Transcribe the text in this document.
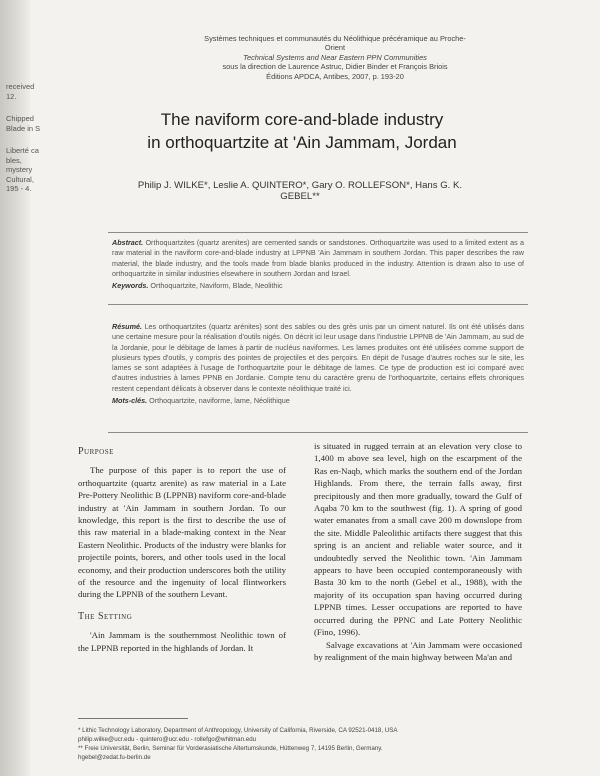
received 12.
Chipped Blade in S
Liberté ca bles, mystery Cultural, 195 - 4.
Systèmes techniques et communautés du Néolithique précéramique au Proche-Orient
Technical Systems and Near Eastern PPN Communities
sous la direction de Laurence Astruc, Didier Binder et François Briois
Éditions APDCA, Antibes, 2007, p. 193-20
The naviform core-and-blade industry
in orthoquartzite at 'Ain Jammam, Jordan
Philip J. WILKE*, Leslie A. QUINTERO*, Gary O. ROLLEFSON*, Hans G. K. GEBEL**
Abstract. Orthoquartzites (quartz arenites) are cemented sands or sandstones. Orthoquartzite was used to a limited extent as a raw material in the naviform core-and-blade industry at LPPNB 'Ain Jammam in southern Jordan. This paper describes the raw material, the blade industry, and the tools made from blade blanks produced in the industry. Attention is drawn also to use of orthoquartzite in similar industries elsewhere in southern Jordan and Israel.
Keywords. Orthoquartzite, Naviform, Blade, Neolithic
Résumé. Les orthoquartzites (quartz arénites) sont des sables ou des grès unis par un ciment naturel. Ils ont été utilisés dans une certaine mesure pour la réalisation d'outils nigés. On décrit ici leur usage dans l'industrie LPPNB de 'Ain Jammam, au sud de la Jordanie, pour le débitage de lames à partir de nucléus naviformes. Les lames produites ont été utilisées comme support de plusieurs types d'outils, y compris des pointes de projectiles et des perçoirs. En dépit de l'usage d'autres roches sur le site, les lames se sont adaptées à l'usage de l'orthoquartzite pour le débitage de lames. Ce type de production est ici comparé avec d'autres industries à lames PPNB en Jordanie. Compte tenu du caractère grenu de l'orthoquartzite, certains effets chroniques restent cependant délicats à observer dans le contexte néolithique traité ici.
Mots-clés. Orthoquartzite, naviforme, lame, Néolithique
Purpose

The purpose of this paper is to report the use of orthoquartzite (quartz arenite) as raw material in a Late Pre-Pottery Neolithic B (LPPNB) naviform core-and-blade industry at 'Ain Jammam in southern Jordan. To our knowledge, this report is the first to describe the use of this raw material in a blade-making context in the Near Eastern Neolithic. Products of the industry were blanks for projectile points, borers, and other tools used in the local economy, and their production underscores both the utility of the resource and the ingenuity of local flintworkers during the LPPNB of the southern Levant.

The Setting

'Ain Jammam is the southernmost Neolithic town of the LPPNB reported in the highlands of Jordan. It

is situated in rugged terrain at an elevation very close to 1,400 m above sea level, high on the escarpment of the Ras en-Naqb, which marks the southern end of the Jordan Highlands. From there, the terrain falls away, first precipitously and then more gradually, toward the Gulf of Aqaba 70 km to the southwest (fig. 1). A spring of good water emanates from a small cave 200 m downslope from the site. Middle Paleolithic artifacts there suggest that this spring is an ancient and reliable water source, and it undoubtedly served the Neolithic town. 'Ain Jammam appears to have been occupied contemporaneously with Basta 30 km to the north (Gebel et al., 1988), with the majority of its occupation span having occurred during LPPNB times. Lesser occupations are reported to have occurred during the PPNC and Late Pottery Neolithic (Fino, 1996).

Salvage excavations at 'Ain Jammam were occasioned by realignment of the main highway between Ma'an and

* Lithic Technology Laboratory, Department of Anthropology, University of California, Riverside, CA 92521-0418, USA
philip.wilke@ucr.edu - quintero@ucr.edu - rollefgo@whitman.edu
** Freie Universität, Berlin, Seminar für Vorderasiatische Altertumskunde, Hüttenweg 7, 14195 Berlin, Germany.
hgebel@zedat.fu-berlin.de
